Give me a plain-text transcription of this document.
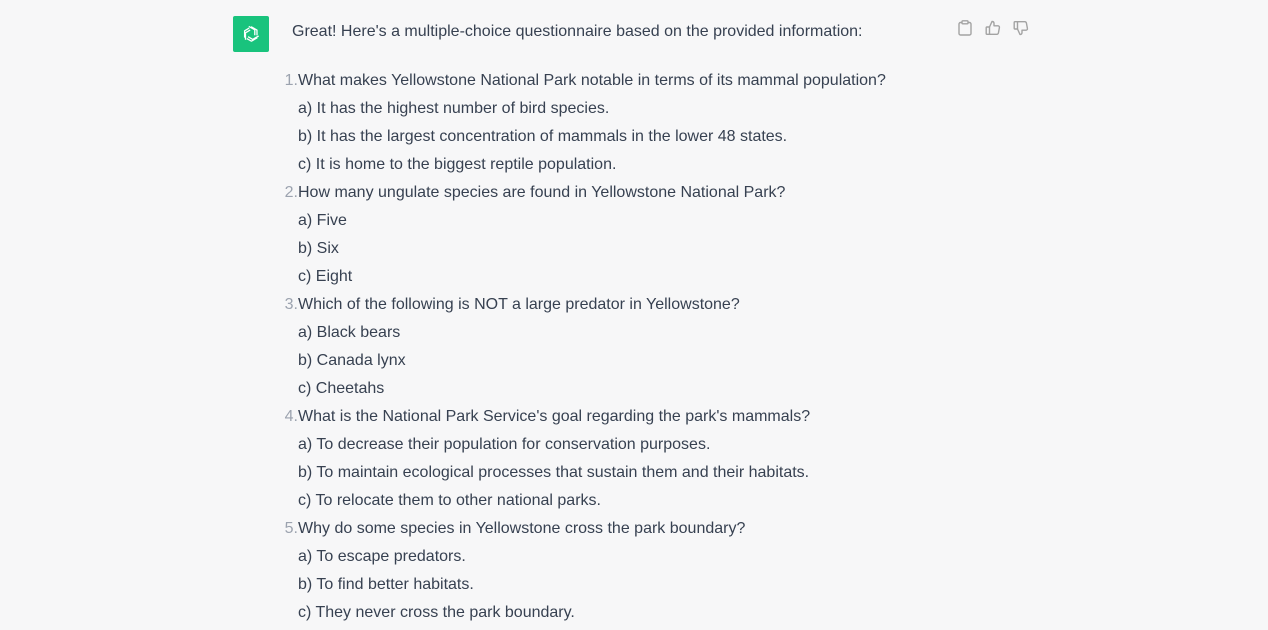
Great! Here's a multiple-choice questionnaire based on the provided information:

1. What makes Yellowstone National Park notable in terms of its mammal population?
a) It has the highest number of bird species.
b) It has the largest concentration of mammals in the lower 48 states.
c) It is home to the biggest reptile population.
2. How many ungulate species are found in Yellowstone National Park?
a) Five
b) Six
c) Eight
3. Which of the following is NOT a large predator in Yellowstone?
a) Black bears
b) Canada lynx
c) Cheetahs
4. What is the National Park Service's goal regarding the park's mammals?
a) To decrease their population for conservation purposes.
b) To maintain ecological processes that sustain them and their habitats.
c) To relocate them to other national parks.
5. Why do some species in Yellowstone cross the park boundary?
a) To escape predators.
b) To find better habitats.
c) They never cross the park boundary.
